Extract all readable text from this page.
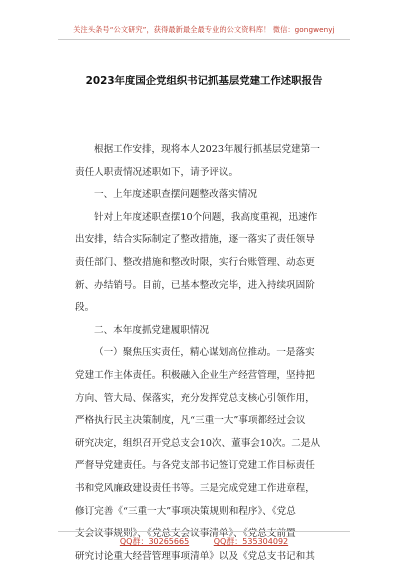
关注头条号“公文研究”，获得最新最全最专业的公文资料库！ 微信：gongwenyj
2023年度国企党组织书记抓基层党建工作述职报告
根据工作安排，现将本人2023年履行抓基层党建第一
责任人职责情况述职如下，请予评议。
一、上年度述职查摆问题整改落实情况
针对上年度述职查摆10个问题，我高度重视，迅速作
出安排，结合实际制定了整改措施，逐一落实了责任领导
责任部门、整改措施和整改时限，实行台账管理、动态更
新、办结销号。目前，已基本整改完毕，进入持续巩固阶
段。
二、本年度抓党建履职情况
（一）聚焦压实责任，精心谋划高位推动。一是落实
党建工作主体责任。积极融入企业生产经营管理，坚持把
方向、管大局、保落实，充分发挥党总支核心引领作用，
严格执行民主决策制度，凡“三重一大”事项都经过会议
研究决定，组织召开党总支会10次、董事会10次。二是从
严督导党建责任。与各党支部书记签订党建工作目标责任
书和党风廉政建设责任书等。三是完成党建工作进章程，
修订完善《“三重一大”事项决策规则和程序》、《党总
支会议事规则》、《党总支会议事清单》、《党总支前置
研究讨论重大经营管理事项清单》以及《党总支书记和其
QQ群：30265665	QQ群：535304092
